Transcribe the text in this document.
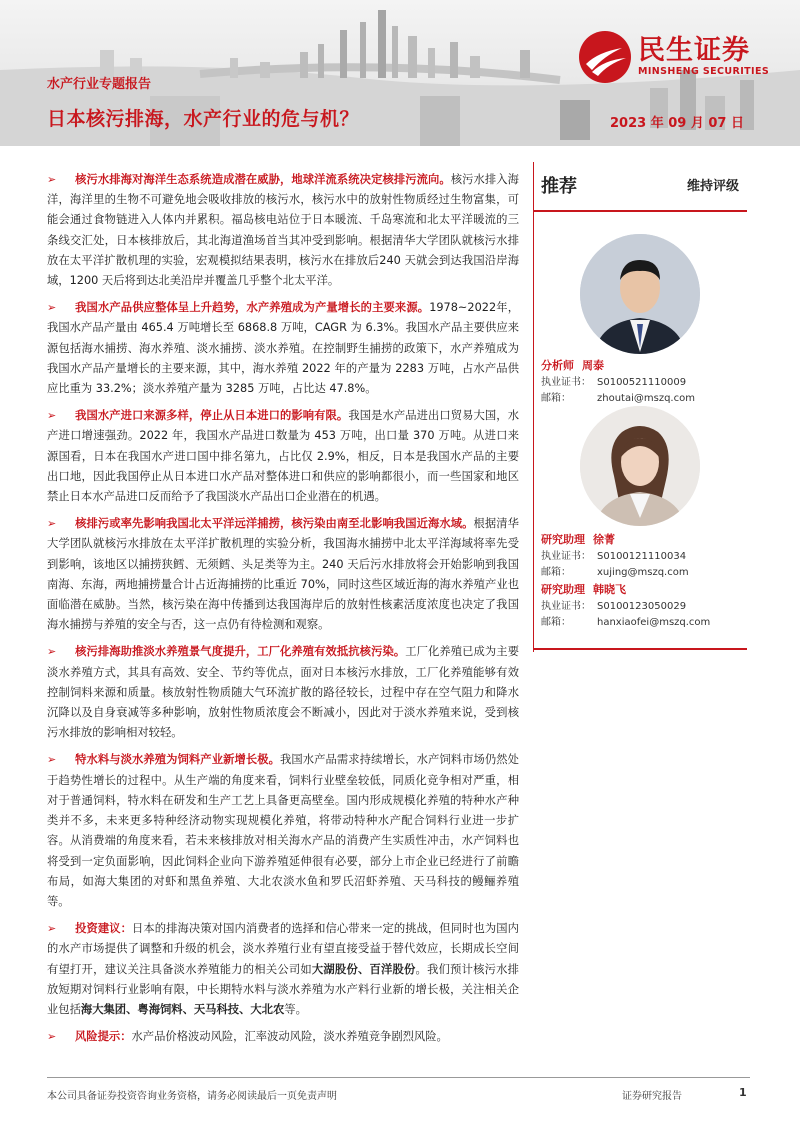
水产行业专题报告
日本核污排海，水产行业的危与机？	2023 年 09 月 07 日
民生证券
MINSHENG SECURITIES

➢ 核污水排海对海洋生态系统造成潜在威胁，地球洋流系统决定核排污流向。核污水排入海洋，海洋里的生物不可避免地会吸收排放的核污水，核污水中的放射性物质经过生物富集，可能会通过食物链进入人体内并累积。福岛核电站位于日本暖流、千岛寒流和北太平洋暖流的三条线交汇处，日本核排放后，其北海道渔场首当其冲受到影响。根据清华大学团队就核污水排放在太平洋扩散机理的实验，宏观模拟结果表明，核污水在排放后240 天就会到达我国沿岸海域，1200 天后将到达北美沿岸并覆盖几乎整个北太平洋。

➢ 我国水产品供应整体呈上升趋势，水产养殖成为产量增长的主要来源。1978~2022年，我国水产品产量由 465.4 万吨增长至 6868.8 万吨，CAGR 为 6.3%。我国水产品主要供应来源包括海水捕捞、海水养殖、淡水捕捞、淡水养殖。在控制野生捕捞的政策下，水产养殖成为我国水产品产量增长的主要来源，其中，海水养殖 2022 年的产量为 2283 万吨，占水产品供应比重为 33.2%；淡水养殖产量为 3285 万吨，占比达 47.8%。

➢ 我国水产进口来源多样，停止从日本进口的影响有限。我国是水产品进出口贸易大国，水产进口增速强劲。2022 年，我国水产品进口数量为 453 万吨，出口量 370 万吨。从进口来源国看，日本在我国水产进口国中排名第九，占比仅 2.9%，相反，日本是我国水产品的主要出口地，因此我国停止从日本进口水产品对整体进口和供应的影响都很小，而一些国家和地区禁止日本水产品进口反而给予了我国淡水产品出口企业潜在的机遇。

➢ 核排污或率先影响我国北太平洋远洋捕捞，核污染由南至北影响我国近海水域。根据清华大学团队就核污水排放在太平洋扩散机理的实验分析，我国海水捕捞中北太平洋海域将率先受到影响，该地区以捕捞狭鳕、无须鳕、头足类等为主。240 天后污水排放将会开始影响到我国南海、东海，两地捕捞量合计占近海捕捞的比重近 70%，同时这些区域近海的海水养殖产业也面临潜在威胁。当然，核污染在海中传播到达我国海岸后的放射性核素活度浓度也决定了我国海水捕捞与养殖的安全与否，这一点仍有待检测和观察。

➢ 核污排海助推淡水养殖景气度提升，工厂化养殖有效抵抗核污染。工厂化养殖已成为主要淡水养殖方式，其具有高效、安全、节约等优点，面对日本核污水排放，工厂化养殖能够有效控制饲料来源和质量。核放射性物质随大气环流扩散的路径较长，过程中存在空气阻力和降水沉降以及自身衰减等多种影响，放射性物质浓度会不断减小，因此对于淡水养殖来说，受到核污水排放的影响相对较轻。

➢ 特水料与淡水养殖为饲料产业新增长极。我国水产品需求持续增长，水产饲料市场仍然处于趋势性增长的过程中。从生产端的角度来看，饲料行业壁垒较低，同质化竞争相对严重，相对于普通饲料，特水料在研发和生产工艺上具备更高壁垒。国内形成规模化养殖的特种水产种类并不多，未来更多特种经济动物实现规模化养殖，将带动特种水产配合饲料行业进一步扩容。从消费端的角度来看，若未来核排放对相关海水产品的消费产生实质性冲击，水产饲料也将受到一定负面影响，因此饲料企业向下游养殖延伸很有必要，部分上市企业已经进行了前瞻布局，如海大集团的对虾和黑鱼养殖、大北农淡水鱼和罗氏沼虾养殖、天马科技的鳗鲡养殖等。

➢ 投资建议：日本的排海决策对国内消费者的选择和信心带来一定的挑战，但同时也为国内的水产市场提供了调整和升级的机会，淡水养殖行业有望直接受益于替代效应，长期成长空间有望打开，建议关注具备淡水养殖能力的相关公司如大湖股份、百洋股份。我们预计核污水排放短期对饲料行业影响有限，中长期特水料与淡水养殖为水产料行业新的增长极，关注相关企业包括海大集团、粤海饲料、天马科技、大北农等。

➢ 风险提示：水产品价格波动风险，汇率波动风险，淡水养殖竞争剧烈风险。

推荐	维持评级
分析师 周泰
执业证书： S0100521110009
邮箱：	zhoutai@mszq.com
研究助理 徐菁
执业证书： S0100121110034
邮箱：	xujing@mszq.com
研究助理 韩晓飞
执业证书： S0100123050029
邮箱：	hanxiaofei@mszq.com
本公司具备证券投资咨询业务资格，请务必阅读最后一页免责声明	证券研究报告	1
